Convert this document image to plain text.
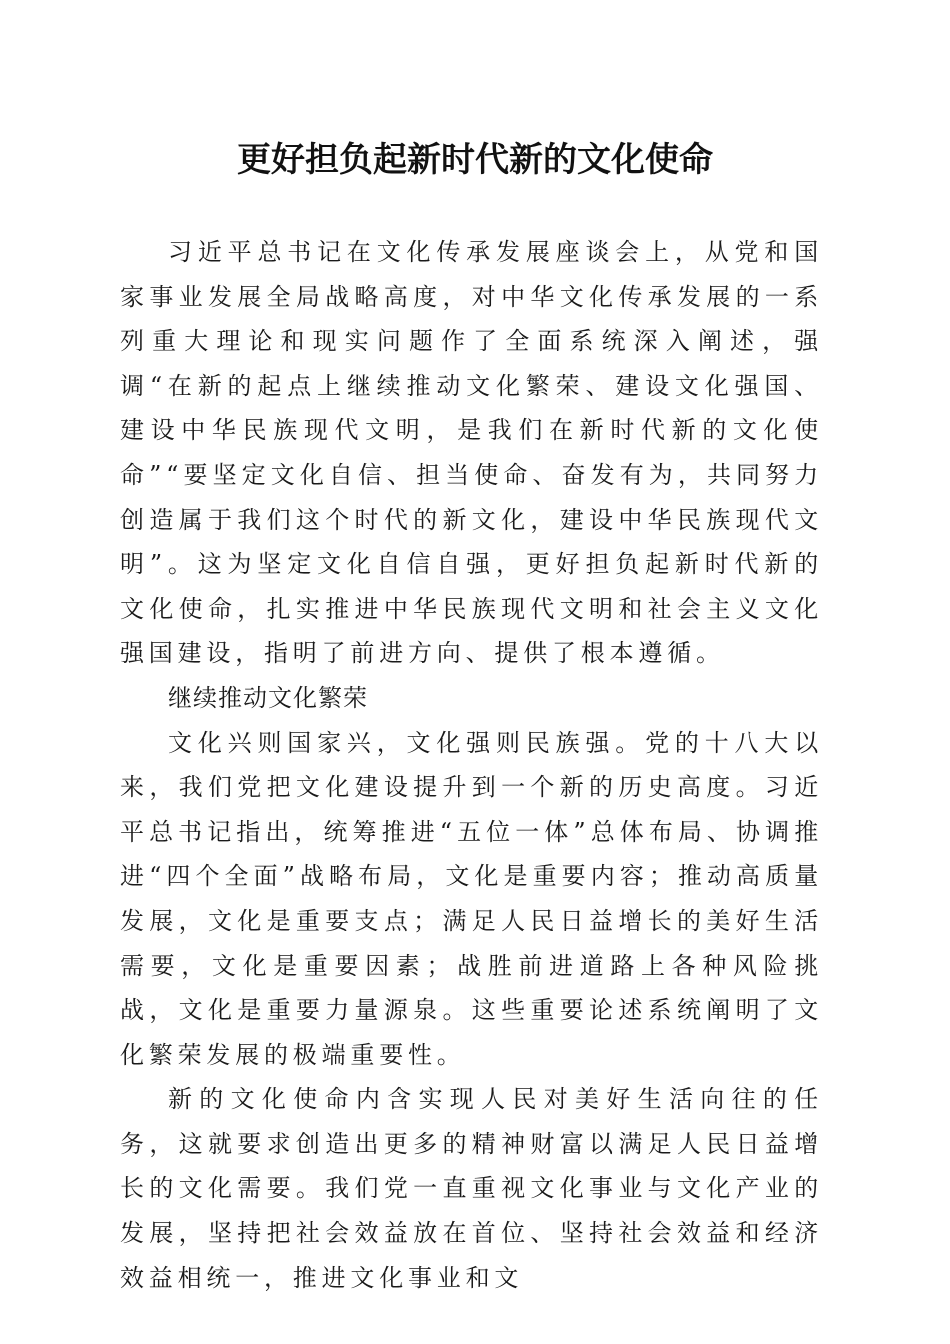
更好担负起新时代新的文化使命

习近平总书记在文化传承发展座谈会上，从党和国家事业发展全局战略高度，对中华文化传承发展的一系列重大理论和现实问题作了全面系统深入阐述，强调“在新的起点上继续推动文化繁荣、建设文化强国、建设中华民族现代文明，是我们在新时代新的文化使命”“要坚定文化自信、担当使命、奋发有为，共同努力创造属于我们这个时代的新文化，建设中华民族现代文明”。这为坚定文化自信自强，更好担负起新时代新的文化使命，扎实推进中华民族现代文明和社会主义文化强国建设，指明了前进方向、提供了根本遵循。

继续推动文化繁荣

文化兴则国家兴，文化强则民族强。党的十八大以来，我们党把文化建设提升到一个新的历史高度。习近平总书记指出，统筹推进“五位一体”总体布局、协调推进“四个全面”战略布局，文化是重要内容；推动高质量发展，文化是重要支点；满足人民日益增长的美好生活需要，文化是重要因素；战胜前进道路上各种风险挑战，文化是重要力量源泉。这些重要论述系统阐明了文化繁荣发展的极端重要性。

新的文化使命内含实现人民对美好生活向往的任务，这就要求创造出更多的精神财富以满足人民日益增长的文化需要。我们党一直重视文化事业与文化产业的发展，坚持把社会效益放在首位、坚持社会效益和经济效益相统一，推进文化事业和文
